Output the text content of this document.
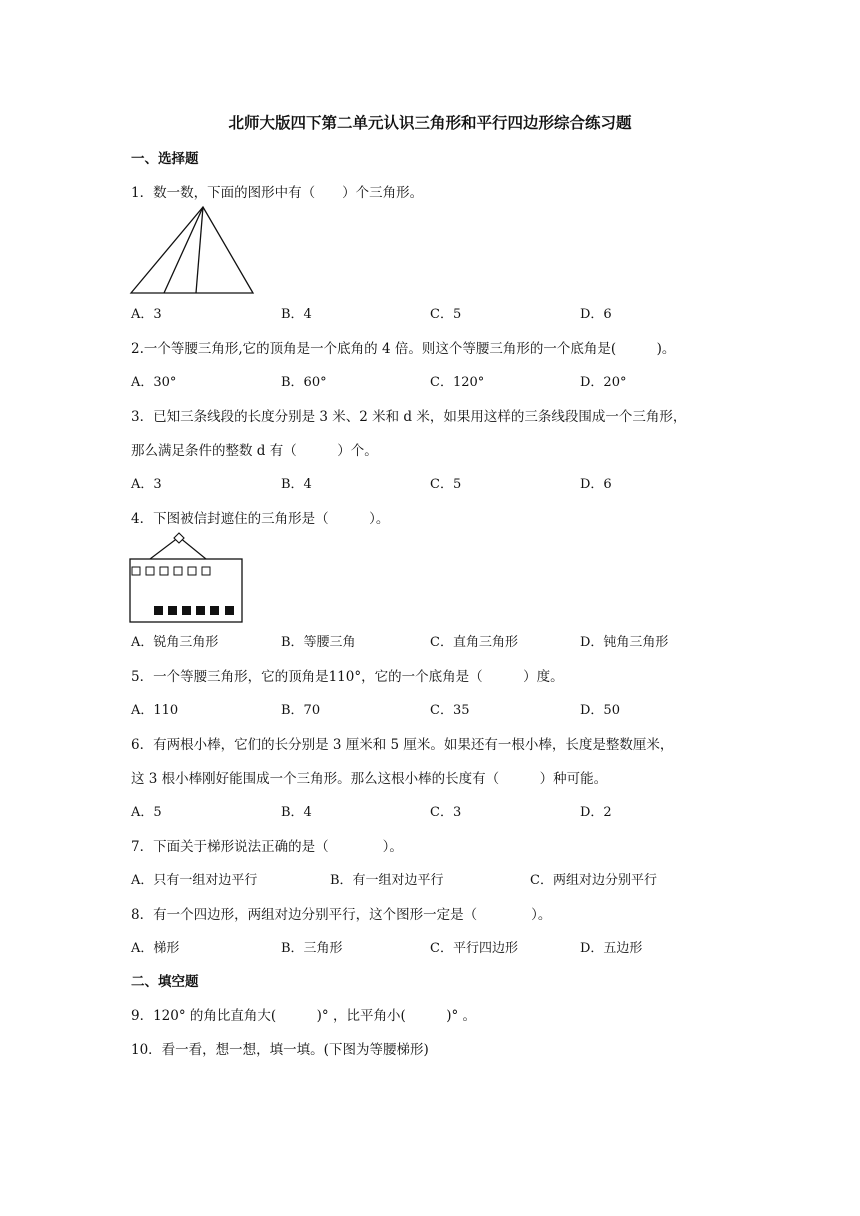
北师大版四下第二单元认识三角形和平行四边形综合练习题
一、选择题
1．数一数，下面的图形中有（　　）个三角形。
A．3	B．4	C．5	D．6
2.一个等腰三角形,它的顶角是一个底角的 4 倍。则这个等腰三角形的一个底角是(　　　)。
A．30°	B．60°	C．120°	D．20°
3．已知三条线段的长度分别是 3 米、2 米和 d 米，如果用这样的三条线段围成一个三角形，
那么满足条件的整数 d 有（　　　）个。
A．3	B．4	C．5	D．6
4．下图被信封遮住的三角形是（　　　）。
A．锐角三角形	B．等腰三角	C．直角三角形	D．钝角三角形
5．一个等腰三角形，它的顶角是110°，它的一个底角是（　　　）度。
A．110	B．70	C．35	D．50
6．有两根小棒，它们的长分别是 3 厘米和 5 厘米。如果还有一根小棒，长度是整数厘米，
这 3 根小棒刚好能围成一个三角形。那么这根小棒的长度有（　　　）种可能。
A．5	B．4	C．3	D．2
7．下面关于梯形说法正确的是（　　　　）。
A．只有一组对边平行	B．有一组对边平行	C．两组对边分别平行
8．有一个四边形，两组对边分别平行，这个图形一定是（　　　　）。
A．梯形	B．三角形	C．平行四边形	D．五边形
二、填空题
9．120° 的角比直角大(　　　)° ，比平角小(　　　)° 。
10．看一看，想一想，填一填。(下图为等腰梯形)
